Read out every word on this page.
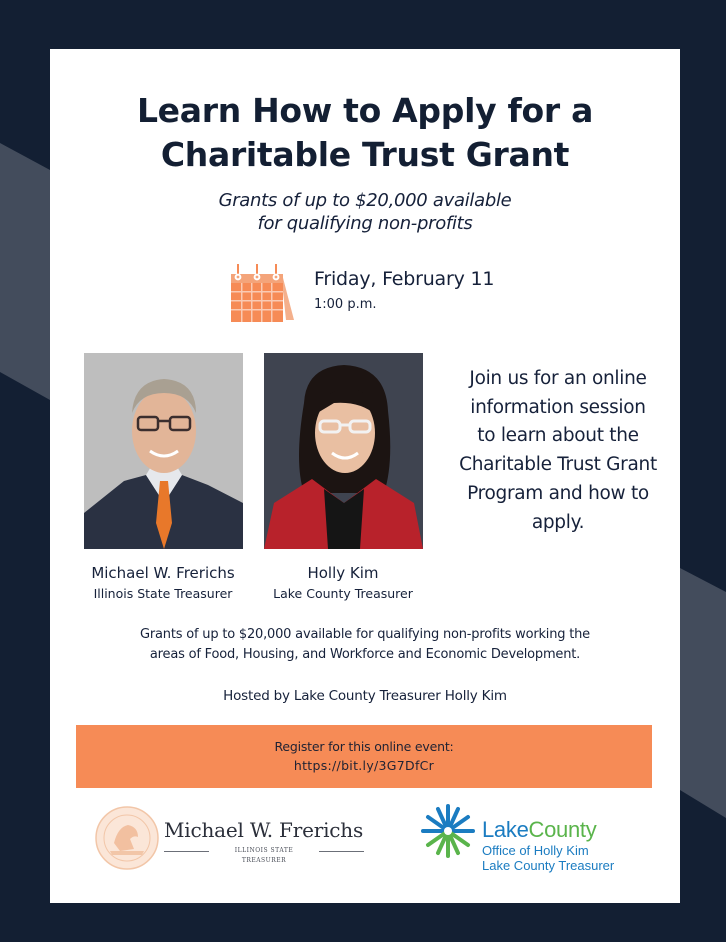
Learn How to Apply for a
Charitable Trust Grant
Grants of up to $20,000 available
for qualifying non-profits
Friday, February 11
1:00 p.m.
Michael W. Frerichs
Illinois State Treasurer
Holly Kim
Lake County Treasurer
Join us for an online
information session
to learn about the
Charitable Trust Grant
Program and how to
apply.
Grants of up to $20,000 available for qualifying non-profits working the
areas of Food, Housing, and Workforce and Economic Development.
Hosted by Lake County Treasurer Holly Kim
Register for this online event:
https://bit.ly/3G7DfCr
Michael W. Frerichs
ILLINOIS STATE TREASURER
LakeCounty
Office of Holly Kim
Lake County Treasurer
